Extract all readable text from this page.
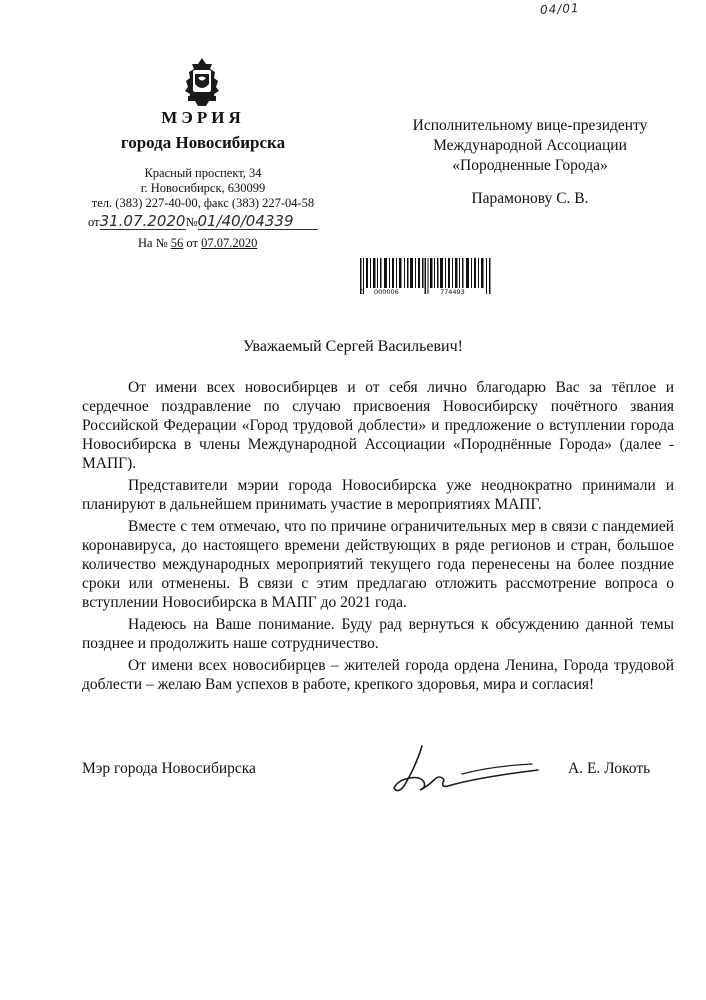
04/01
МЭРИЯ
города Новосибирска
Красный проспект, 34
г. Новосибирск, 630099
тел. (383) 227-40-00, факс (383) 227-04-58
от31.07.2020№01/40/04339
На № 56 от 07.07.2020
Исполнительному вице-президенту
Международной Ассоциации
«Породненные Города»
Парамонову С. В.
0 000006	774493
Уважаемый Сергей Васильевич!

От имени всех новосибирцев и от себя лично благодарю Вас за тёплое и сердечное поздравление по случаю присвоения Новосибирску почётного звания Российской Федерации «Город трудовой доблести» и предложение о вступлении города Новосибирска в члены Международной Ассоциации «Породнённые Города» (далее - МАПГ).

Представители мэрии города Новосибирска уже неоднократно принимали и планируют в дальнейшем принимать участие в мероприятиях МАПГ.

Вместе с тем отмечаю, что по причине ограничительных мер в связи с пандемией коронавируса, до настоящего времени действующих в ряде регионов и стран, большое количество международных мероприятий текущего года перенесены на более поздние сроки или отменены. В связи с этим предлагаю отложить рассмотрение вопроса о вступлении Новосибирска в МАПГ до 2021 года.

Надеюсь на Ваше понимание. Буду рад вернуться к обсуждению данной темы позднее и продолжить наше сотрудничество.

От имени всех новосибирцев – жителей города ордена Ленина, Города трудовой доблести – желаю Вам успехов в работе, крепкого здоровья, мира и согласия!

Мэр города Новосибирска	А. Е. Локоть
